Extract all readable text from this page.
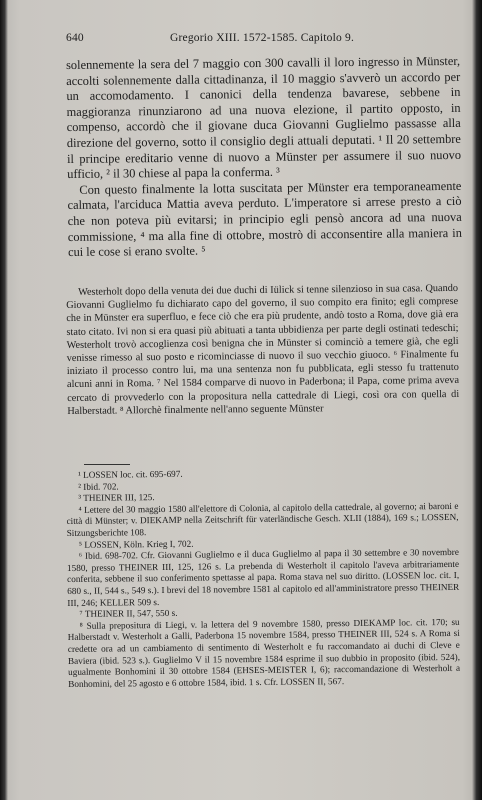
640	Gregorio XIII. 1572-1585. Capitolo 9.

solennemente la sera del 7 maggio con 300 cavalli il loro ingresso in Münster, accolti solennemente dalla cittadinanza, il 10 maggio s'avverò un accordo per un accomodamento. I canonici della tendenza bavarese, sebbene in maggioranza rinunziarono ad una nuova elezione, il partito opposto, in compenso, accordò che il giovane duca Giovanni Guglielmo passasse alla direzione del governo, sotto il consiglio degli attuali deputati. ¹ Il 20 settembre il principe ereditario venne di nuovo a Münster per assumere il suo nuovo ufficio, ² il 30 chiese al papa la conferma. ³

Con questo finalmente la lotta suscitata per Münster era temporaneamente calmata, l'arciduca Mattia aveva perduto. L'imperatore si arrese presto a ciò che non poteva più evitarsi; in principio egli pensò ancora ad una nuova commissione, ⁴ ma alla fine di ottobre, mostrò di acconsentire alla maniera in cui le cose si erano svolte. ⁵

Westerholt dopo della venuta dei due duchi di Iülick si tenne silenzioso in sua casa. Quando Giovanni Guglielmo fu dichiarato capo del governo, il suo compito era finito; egli comprese che in Münster era superfluo, e fece ciò che era più prudente, andò tosto a Roma, dove già era stato citato. Ivi non si era quasi più abituati a tanta ubbidienza per parte degli ostinati tedeschi; Westerholt trovò accoglienza così benigna che in Münster si cominciò a temere già, che egli venisse rimesso al suo posto e ricominciasse di nuovo il suo vecchio giuoco. ⁶ Finalmente fu iniziato il processo contro lui, ma una sentenza non fu pubblicata, egli stesso fu trattenuto alcuni anni in Roma. ⁷ Nel 1584 comparve di nuovo in Paderbona; il Papa, come prima aveva cercato di provvederlo con la propositura nella cattedrale di Liegi, così ora con quella di Halberstadt. ⁸ Allorchè finalmente nell'anno seguente Münster

¹ LOSSEN loc. cit. 695-697.

² Ibid. 702.

³ THEINER III, 125.

⁴ Lettere del 30 maggio 1580 all'elettore di Colonia, al capitolo della cattedrale, al governo; ai baroni e città di Münster; v. DIEKAMP nella Zeitschrift für vaterländische Gesch. XLII (1884), 169 s.; LOSSEN, Sitzungsberichte 108.

⁵ LOSSEN, Köln. Krieg I, 702.

⁶ Ibid. 698-702. Cfr. Giovanni Guglielmo e il duca Guglielmo al papa il 30 settembre e 30 novembre 1580, presso THEINER III, 125, 126 s. La prebenda di Westerholt il capitolo l'aveva arbitrariamente conferita, sebbene il suo conferimento spettasse al papa. Roma stava nel suo diritto. (LOSSEN loc. cit. I, 680 s., II, 544 s., 549 s.). I brevi del 18 novembre 1581 al capitolo ed all'amministratore presso THEINER III, 246; KELLER 509 s.

⁷ THEINER II, 547, 550 s.

⁸ Sulla prepositura di Liegi, v. la lettera del 9 novembre 1580, presso DIEKAMP loc. cit. 170; su Halberstadt v. Westerholt a Galli, Paderbona 15 novembre 1584, presso THEINER III, 524 s. A Roma si credette ora ad un cambiamento di sentimento di Westerholt e fu raccomandato ai duchi di Cleve e Baviera (ibid. 523 s.). Guglielmo V il 15 novembre 1584 esprime il suo dubbio in proposito (ibid. 524), ugualmente Bonhomini il 30 ottobre 1584 (EHSES-MEISTER I, 6); raccomandazione di Westerholt a Bonhomini, del 25 agosto e 6 ottobre 1584, ibid. 1 s. Cfr. LOSSEN II, 567.
